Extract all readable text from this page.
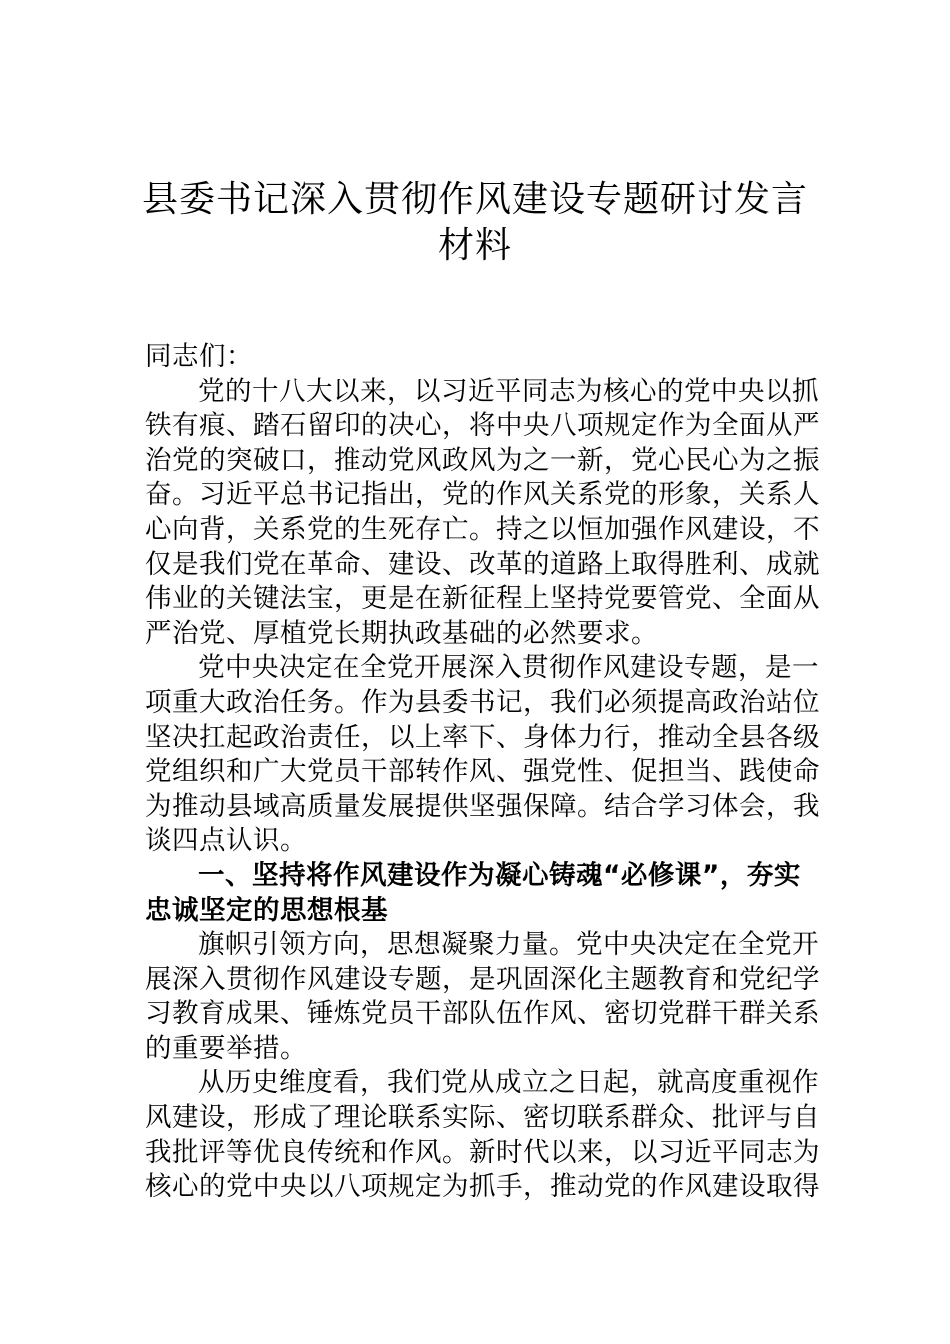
县委书记深入贯彻作风建设专题研讨发言
材料
同志们：
党的十八大以来，以习近平同志为核心的党中央以抓
铁有痕、踏石留印的决心，将中央八项规定作为全面从严
治党的突破口，推动党风政风为之一新，党心民心为之振
奋。习近平总书记指出，党的作风关系党的形象，关系人
心向背，关系党的生死存亡。持之以恒加强作风建设，不
仅是我们党在革命、建设、改革的道路上取得胜利、成就
伟业的关键法宝，更是在新征程上坚持党要管党、全面从
严治党、厚植党长期执政基础的必然要求。
党中央决定在全党开展深入贯彻作风建设专题，是一
项重大政治任务。作为县委书记，我们必须提高政治站位
坚决扛起政治责任，以上率下、身体力行，推动全县各级
党组织和广大党员干部转作风、强党性、促担当、践使命
为推动县域高质量发展提供坚强保障。结合学习体会，我
谈四点认识。
一、坚持将作风建设作为凝心铸魂“必修课”，夯实
忠诚坚定的思想根基
旗帜引领方向，思想凝聚力量。党中央决定在全党开
展深入贯彻作风建设专题，是巩固深化主题教育和党纪学
习教育成果、锤炼党员干部队伍作风、密切党群干群关系
的重要举措。
从历史维度看，我们党从成立之日起，就高度重视作
风建设，形成了理论联系实际、密切联系群众、批评与自
我批评等优良传统和作风。新时代以来，以习近平同志为
核心的党中央以八项规定为抓手，推动党的作风建设取得
